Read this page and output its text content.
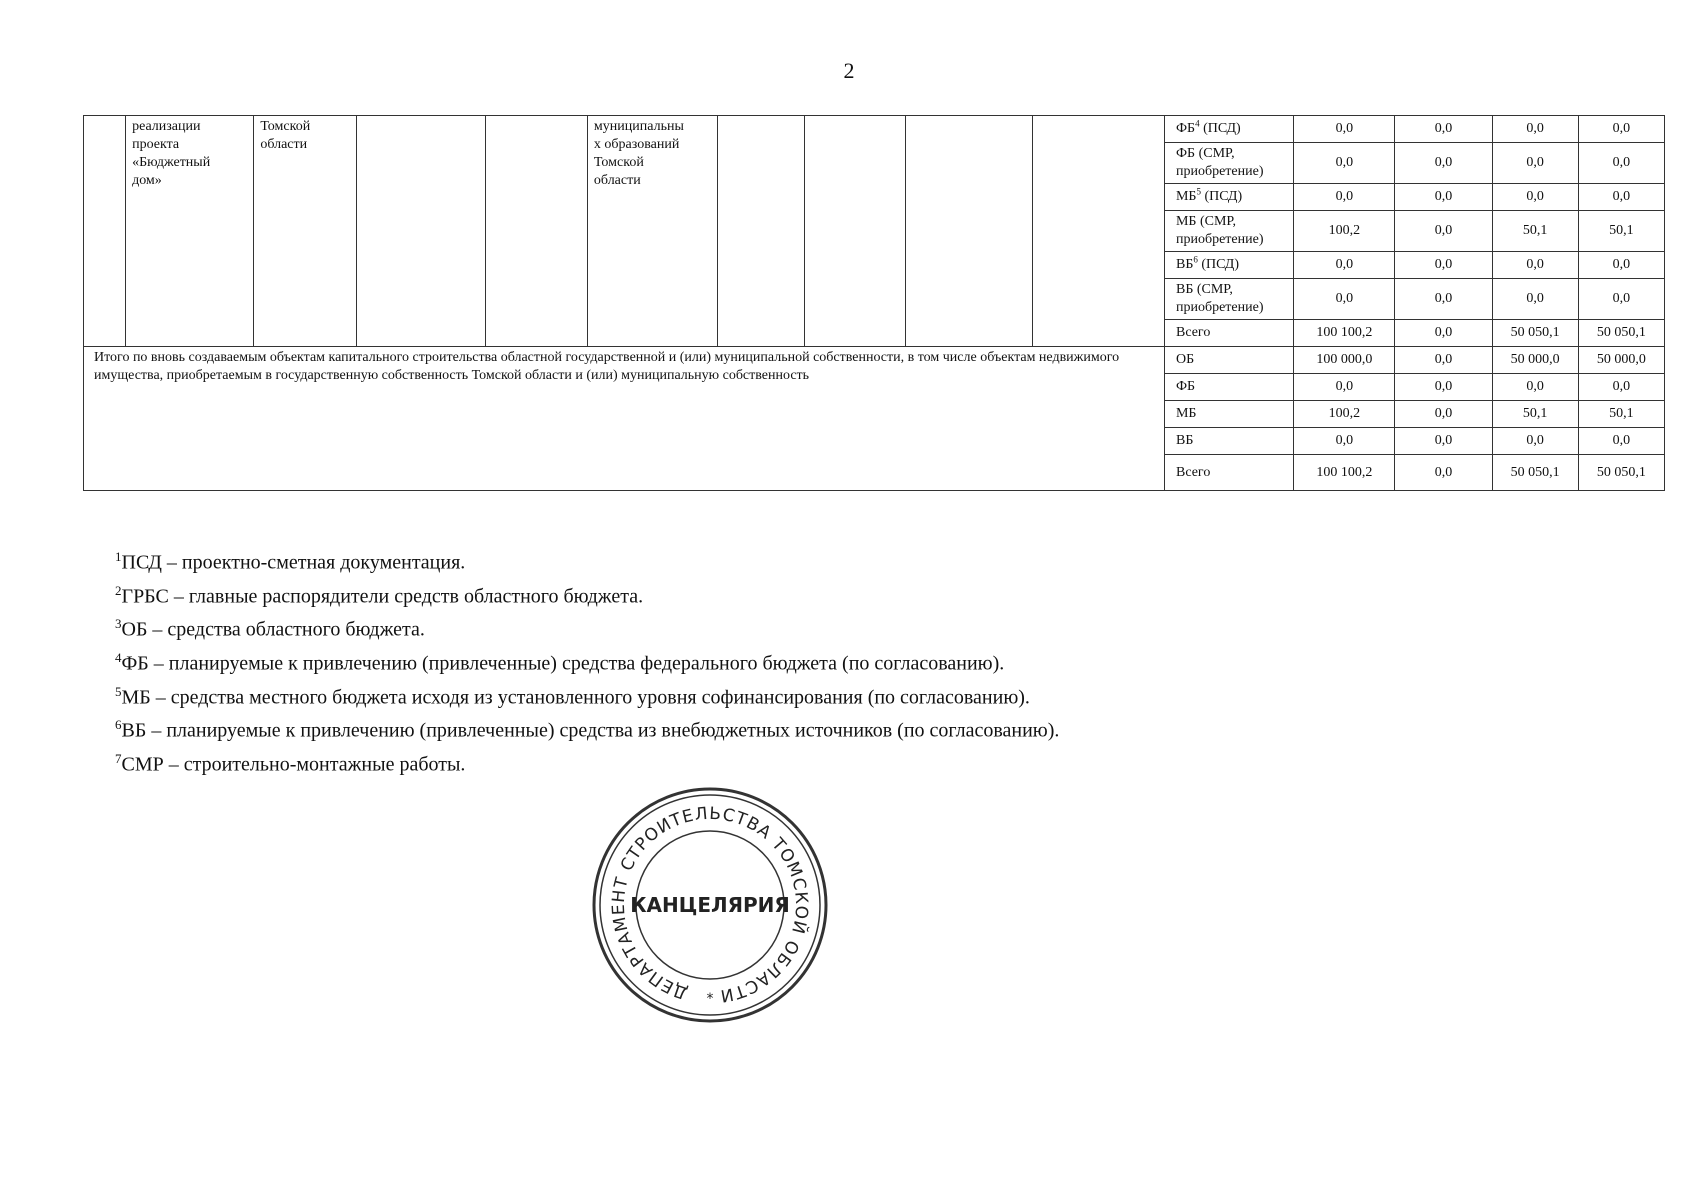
2
	реализации
проекта
«Бюджетный
дом»	Томской
области			муниципальны
х образований
Томской
области					$ФБ^4$ (ПСД)	0,0	0,0	0,0	0,0
										ФБ (СМР,
приобретение)	0,0	0,0	0,0	0,0
										$МБ^5$ (ПСД)	0,0	0,0	0,0	0,0
										МБ (СМР,
приобретение)	100,2	0,0	50,1	50,1
										$ВБ^6$ (ПСД)	0,0	0,0	0,0	0,0
										ВБ (СМР,
приобретение)	0,0	0,0	0,0	0,0
										Всего	100 100,2	0,0	50 050,1	50 050,1
Итого по вновь создаваемым объектам капитального строительства областной государственной и (или) муниципальной собственности, в том числе объектам недвижимого имущества, приобретаемым в государственную собственность Томской области и (или) муниципальную собственность										ОБ	100 000,0	0,0	50 000,0	50 000,0
										ФБ	0,0	0,0	0,0	0,0
										МБ	100,2	0,0	50,1	50,1
										ВБ	0,0	0,0	0,0	0,0
										Всего	100 100,2	0,0	50 050,1	50 050,1
$^1$ПСД – проектно-сметная документация.
$^2$ГРБС – главные распорядители средств областного бюджета.
$^3$ОБ – средства областного бюджета.
$^4$ФБ – планируемые к привлечению (привлеченные) средства федерального бюджета (по согласованию).
$^5$МБ – средства местного бюджета исходя из установленного уровня софинансирования (по согласованию).
$^6$ВБ – планируемые к привлечению (привлеченные) средства из внебюджетных источников (по согласованию).
$^7$СМР – строительно-монтажные работы.
ДЕПАРТАМЕНТ СТРОИТЕЛЬСТВА ТОМСКОЙ ОБЛАСТИ
КАНЦЕЛЯРИЯ
*
